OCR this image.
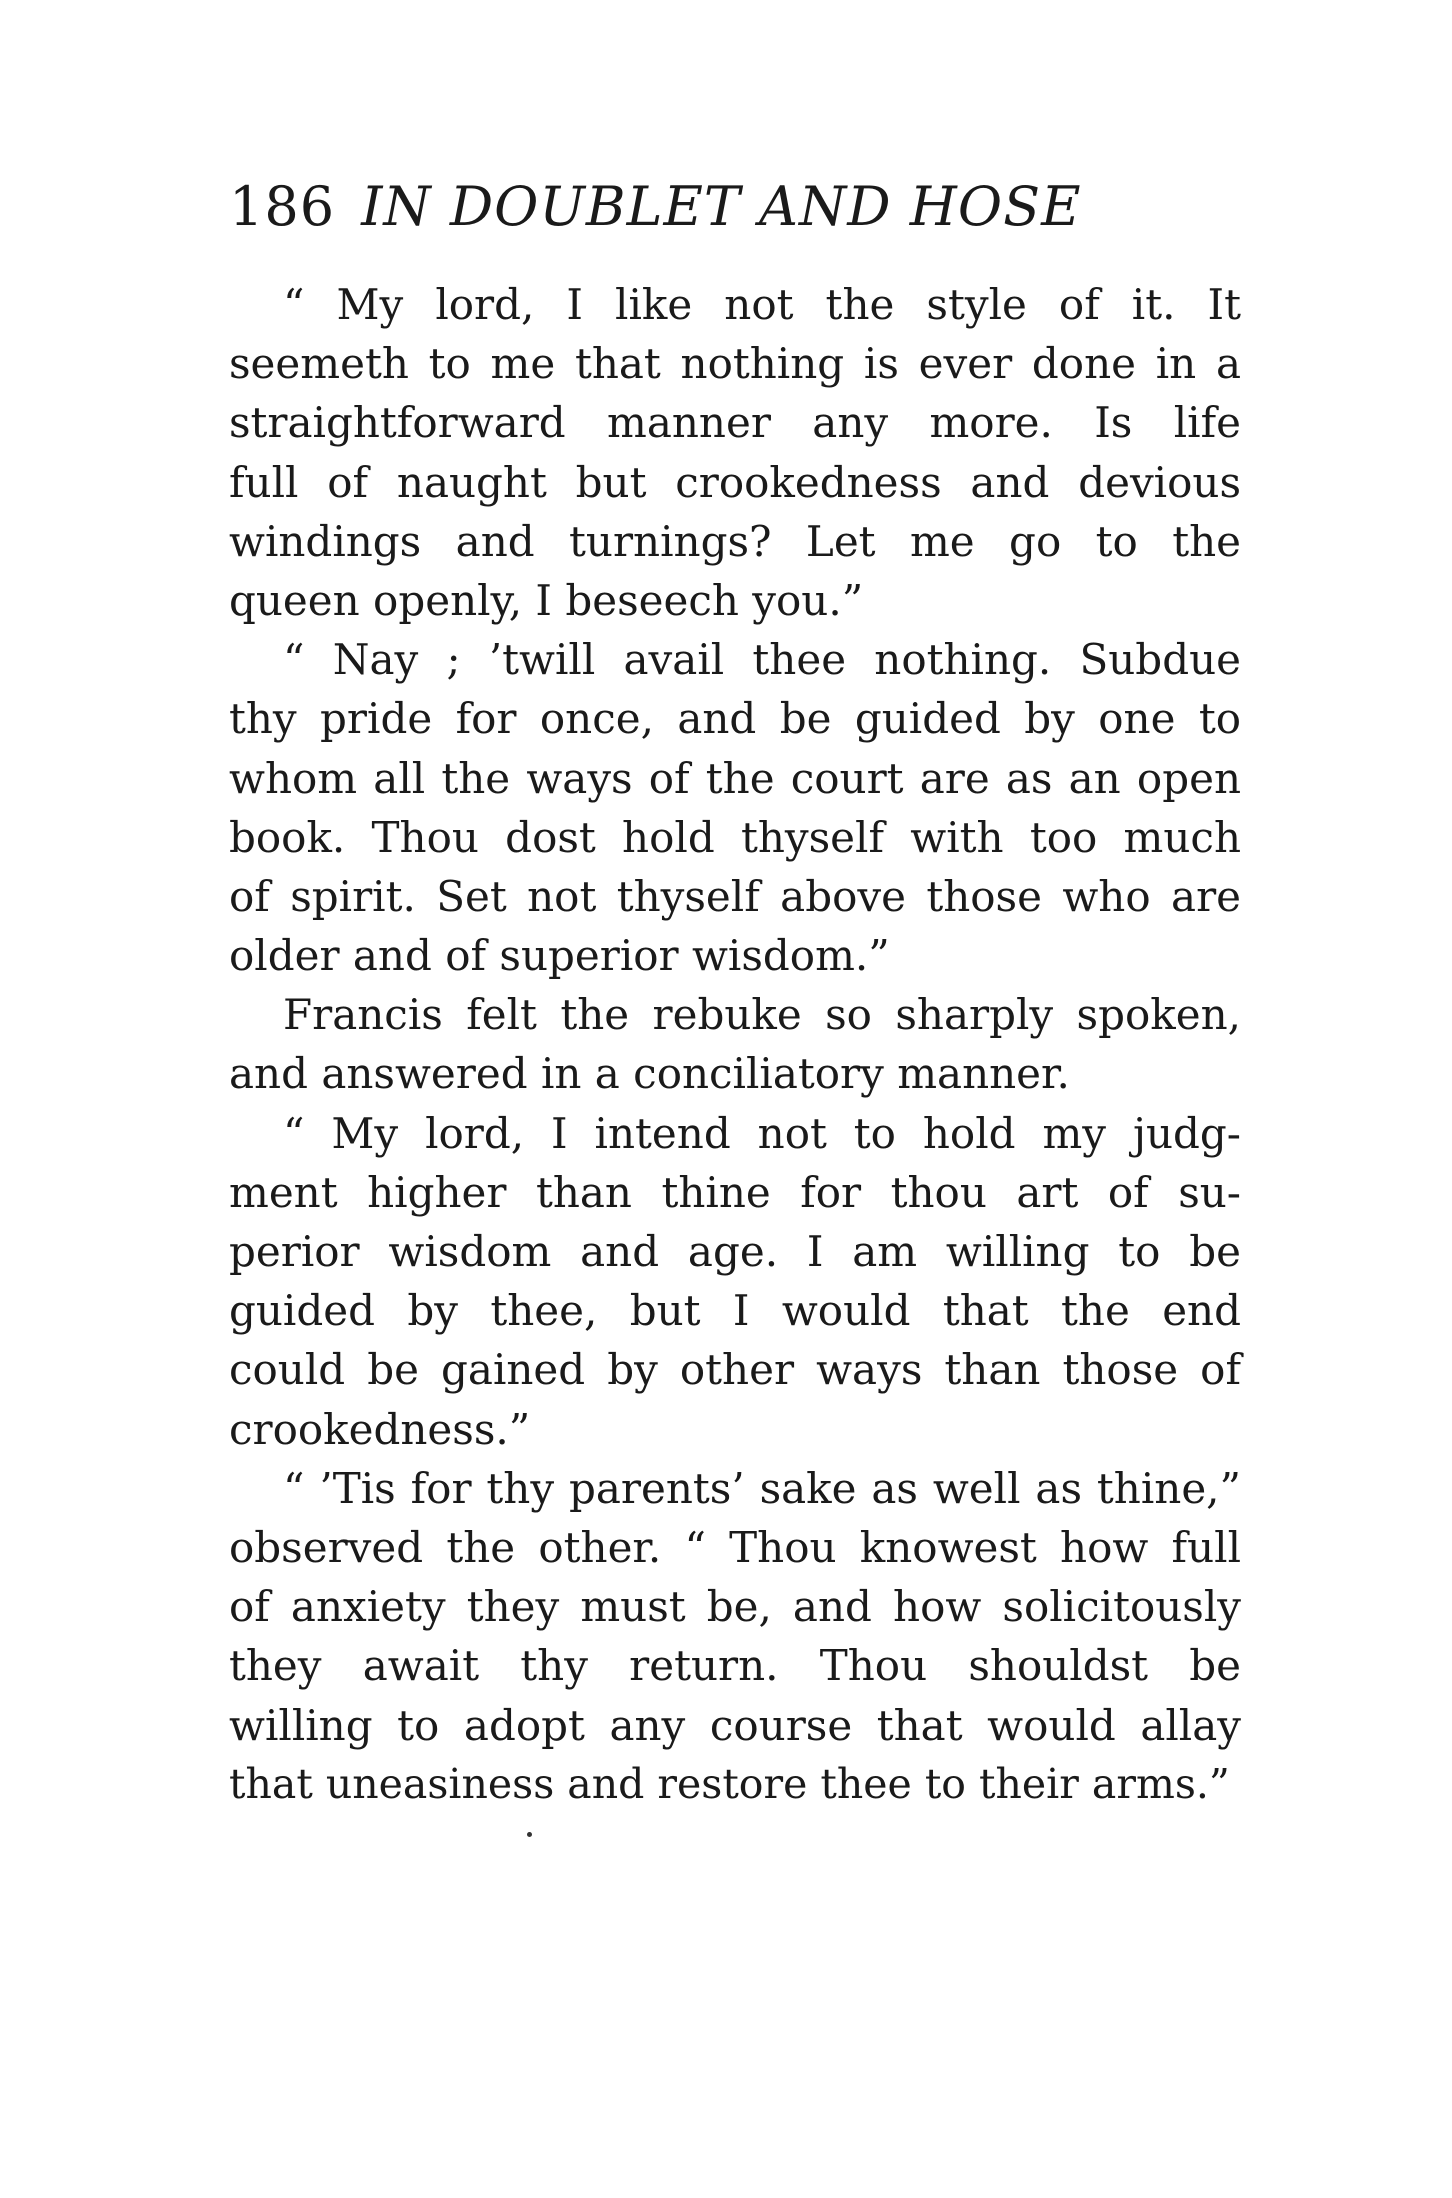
186 IN DOUBLET AND HOSE
“ My lord, I like not the style of it. It
seemeth to me that nothing is ever done in a
straightforward manner any more. Is life
full of naught but crookedness and devious
windings and turnings? Let me go to the
queen openly, I beseech you.”
“ Nay ; ’twill avail thee nothing. Subdue
thy pride for once, and be guided by one to
whom all the ways of the court are as an open
book. Thou dost hold thyself with too much
of spirit. Set not thyself above those who are
older and of superior wisdom.”
Francis felt the rebuke so sharply spoken,
and answered in a conciliatory manner.
“ My lord, I intend not to hold my judg-
ment higher than thine for thou art of su-
perior wisdom and age. I am willing to be
guided by thee, but I would that the end
could be gained by other ways than those of
crookedness.”
“ ’Tis for thy parents’ sake as well as thine,”
observed the other. “ Thou knowest how full
of anxiety they must be, and how solicitously
they await thy return. Thou shouldst be
willing to adopt any course that would allay
that uneasiness and restore thee to their arms.”
